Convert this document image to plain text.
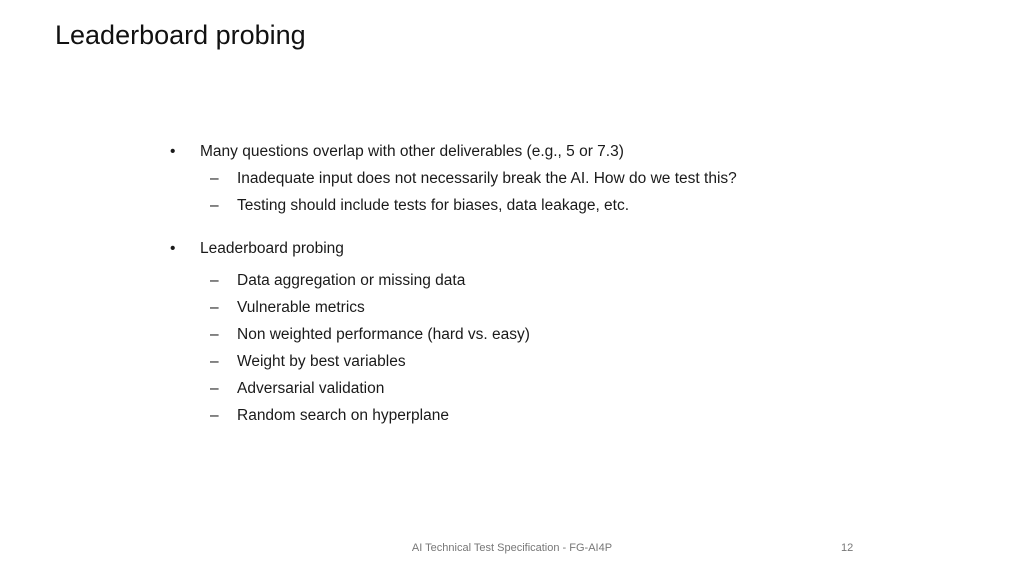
Leaderboard probing
• Many questions overlap with other deliverables (e.g., 5 or 7.3)
– Inadequate input does not necessarily break the AI. How do we test this?
– Testing should include tests for biases, data leakage, etc.
• Leaderboard probing
– Data aggregation or missing data
– Vulnerable metrics
– Non weighted performance (hard vs. easy)
– Weight by best variables
– Adversarial validation
– Random search on hyperplane
AI Technical Test Specification - FG-AI4P	12
